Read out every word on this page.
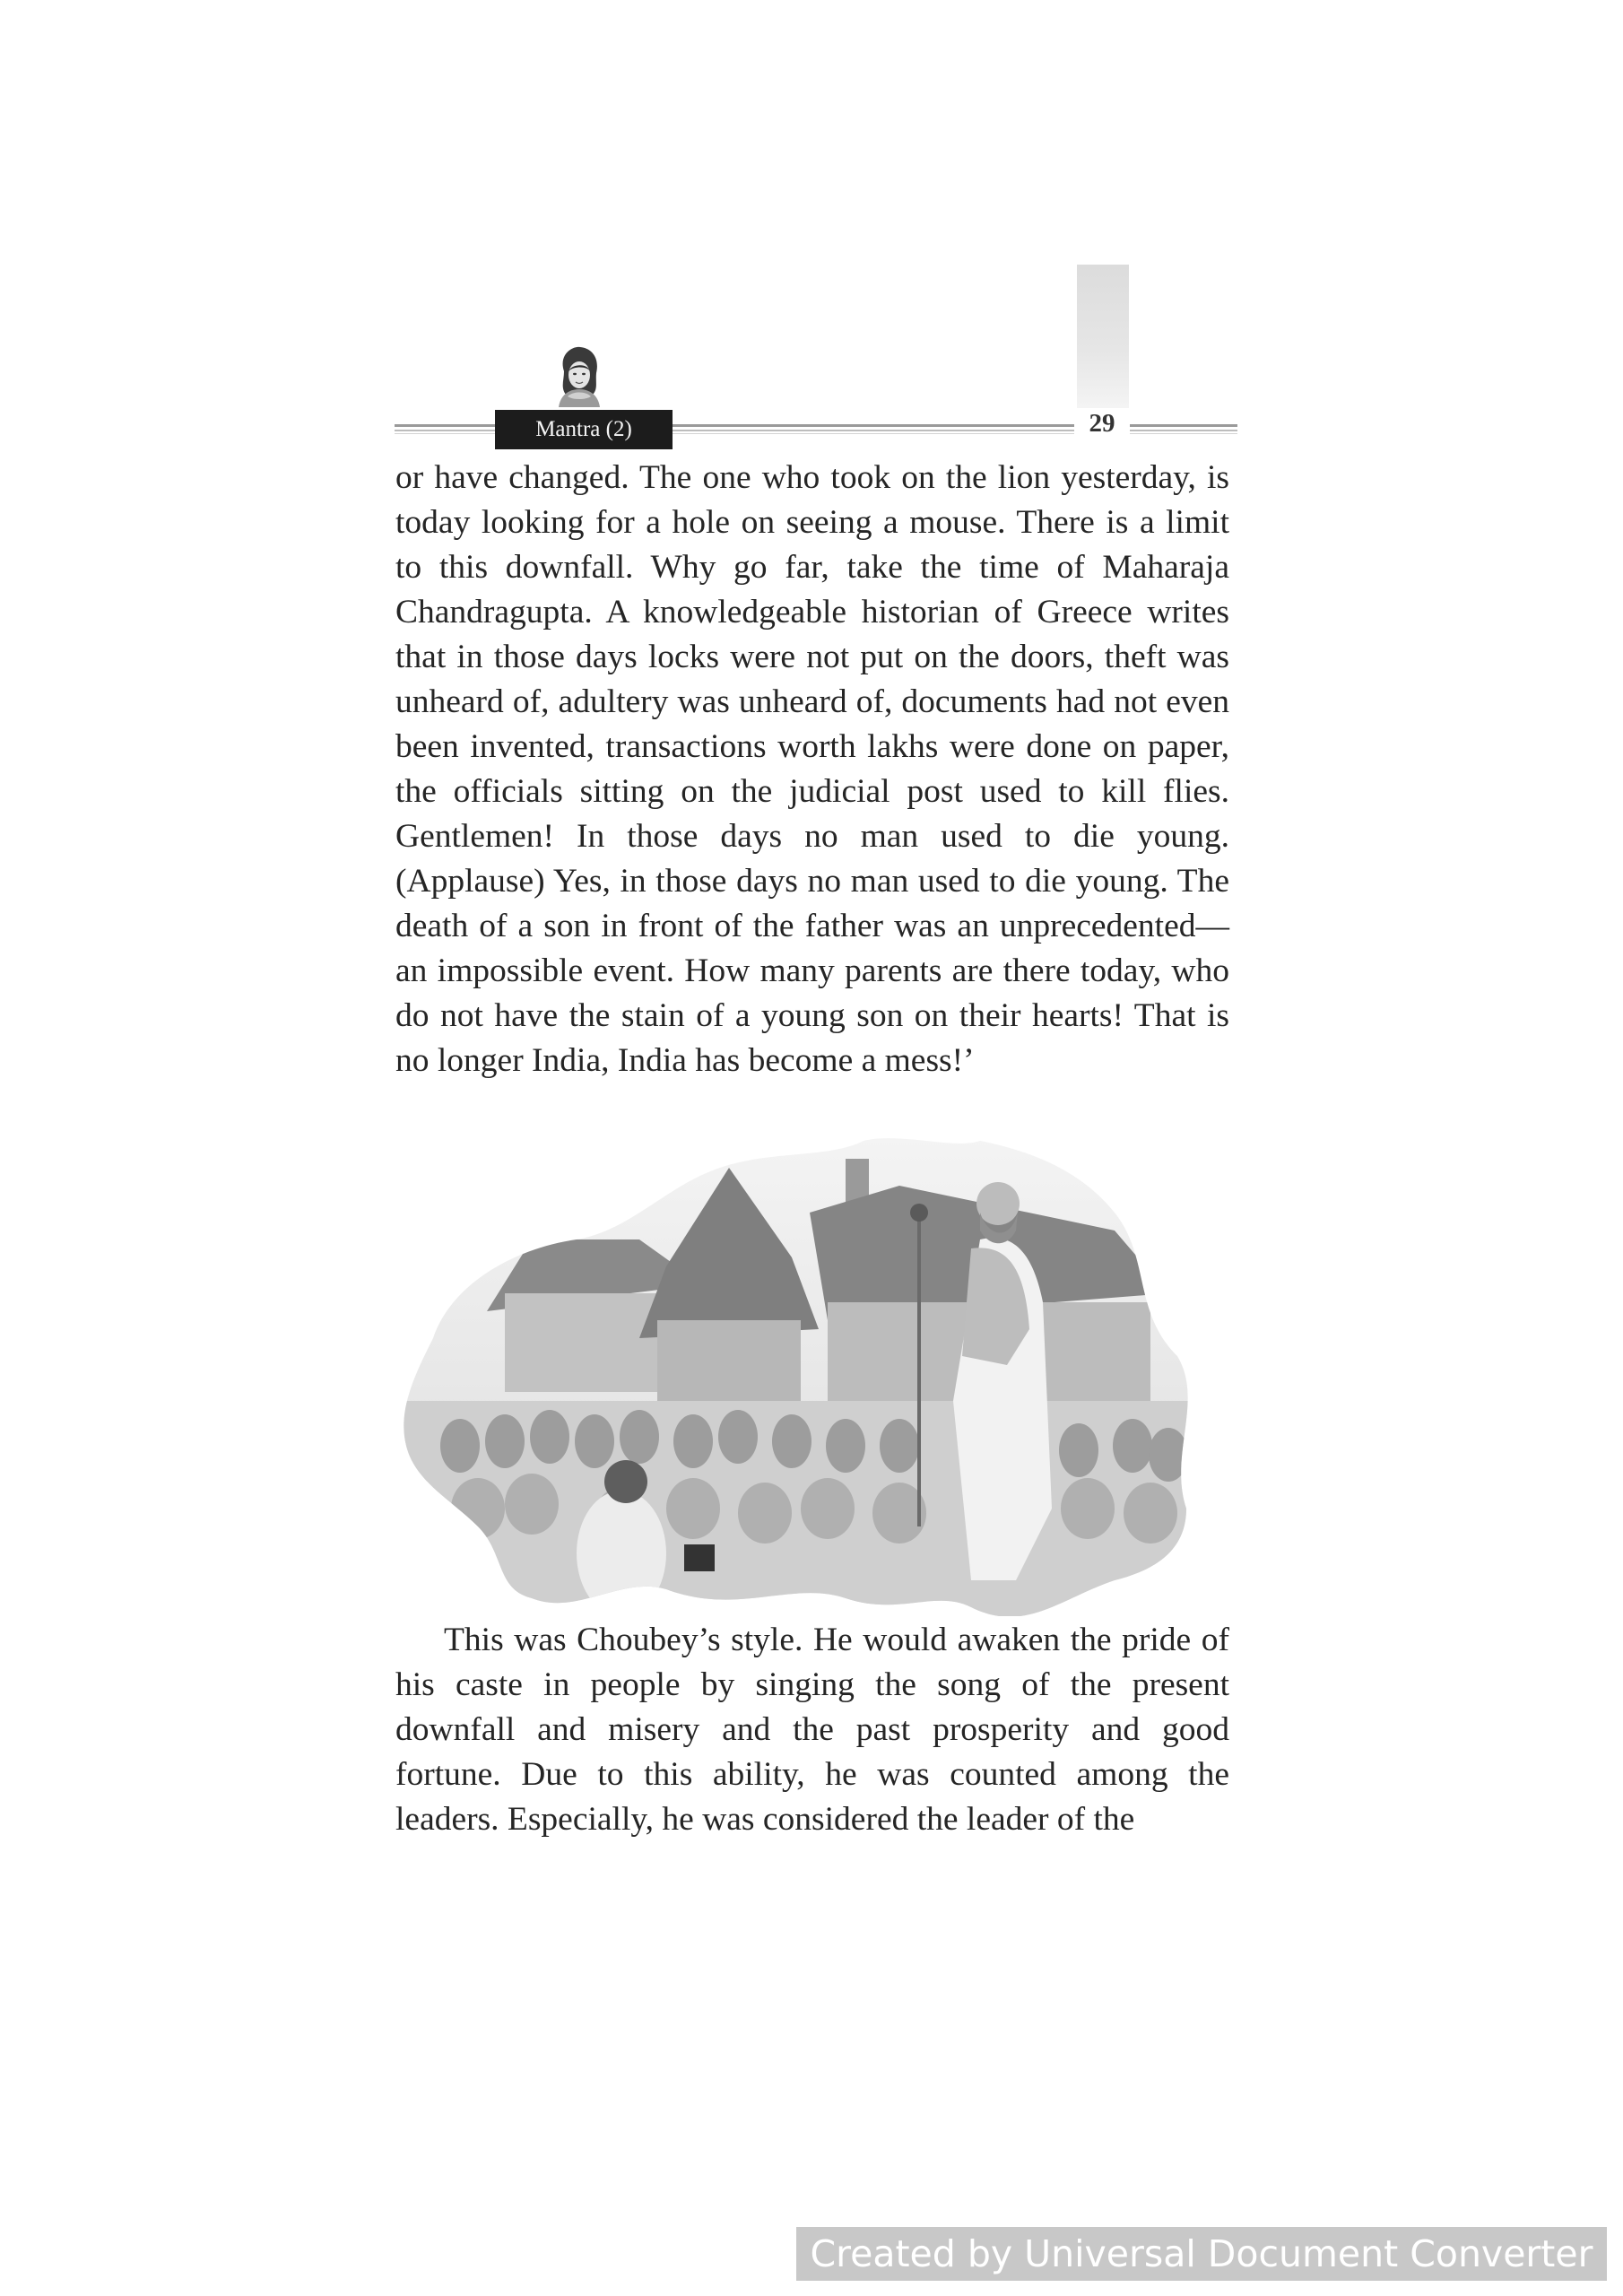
Mantra (2)	29

or have changed. The one who took on the lion yesterday, is today looking for a hole on seeing a mouse. There is a limit to this downfall. Why go far, take the time of Maharaja Chandragupta. A knowledgeable historian of Greece writes that in those days locks were not put on the doors, theft was unheard of, adultery was unheard of, documents had not even been invented, transactions worth lakhs were done on paper, the officials sitting on the judicial post used to kill flies. Gentlemen! In those days no man used to die young. (Applause) Yes, in those days no man used to die young. The death of a son in front of the father was an unprecedented—an impossible event. How many parents are there today, who do not have the stain of a young son on their hearts! That is no longer India, India has become a mess!’

This was Choubey’s style. He would awaken the pride of his caste in people by singing the song of the present downfall and misery and the past prosperity and good fortune. Due to this ability, he was counted among the leaders. Especially, he was considered the leader of the

Created by Universal Document Converter
